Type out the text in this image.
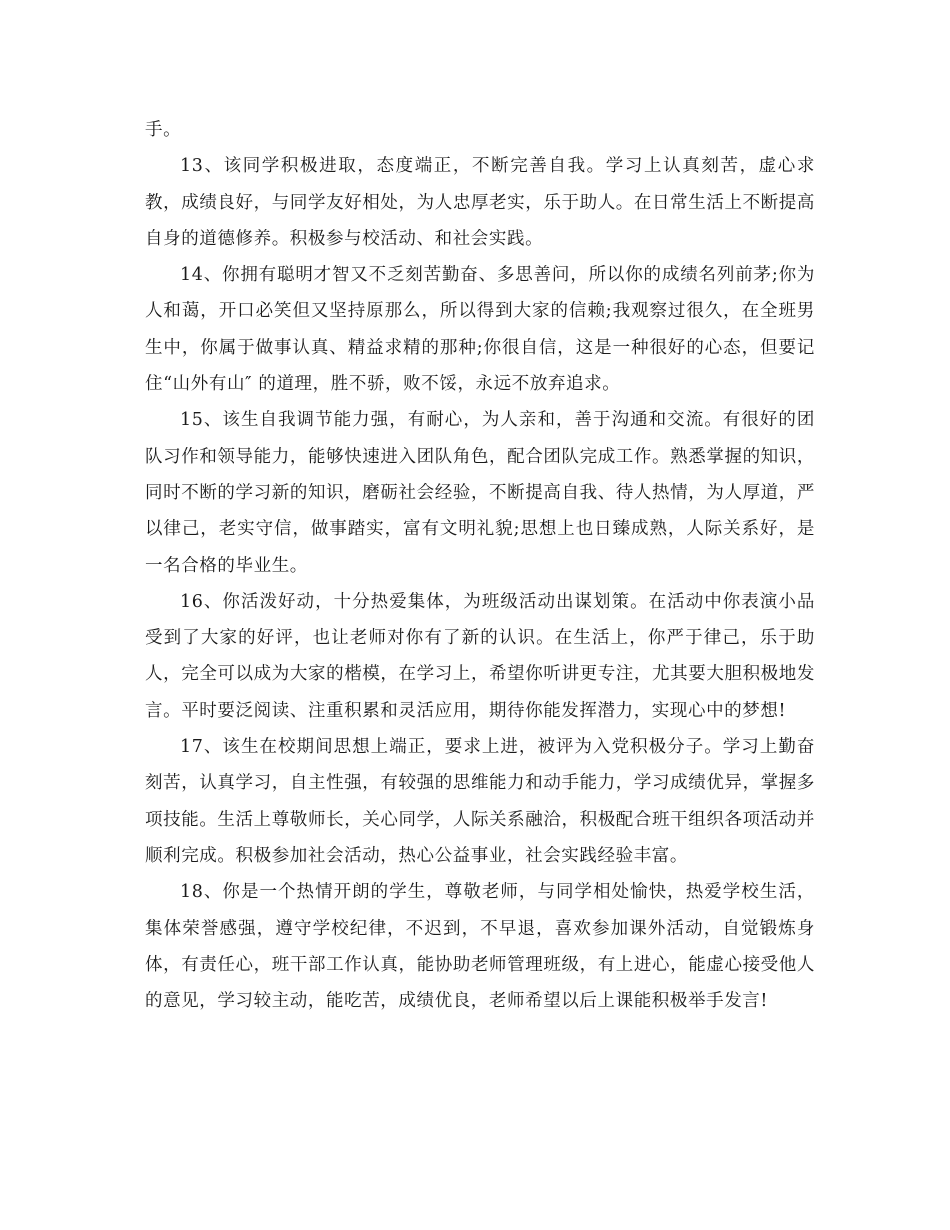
手。

13、该同学积极进取，态度端正，不断完善自我。学习上认真刻苦，虚心求教，成绩良好，与同学友好相处，为人忠厚老实，乐于助人。在日常生活上不断提高自身的道德修养。积极参与校活动、和社会实践。

14、你拥有聪明才智又不乏刻苦勤奋、多思善问，所以你的成绩名列前茅;你为人和蔼，开口必笑但又坚持原那么，所以得到大家的信赖;我观察过很久，在全班男生中，你属于做事认真、精益求精的那种;你很自信，这是一种很好的心态，但要记住“山外有山″ 的道理，胜不骄，败不馁，永远不放弃追求。

15、该生自我调节能力强，有耐心，为人亲和，善于沟通和交流。有很好的团队习作和领导能力，能够快速进入团队角色，配合团队完成工作。熟悉掌握的知识，同时不断的学习新的知识，磨砺社会经验，不断提高自我、待人热情，为人厚道，严以律己，老实守信，做事踏实，富有文明礼貌;思想上也日臻成熟，人际关系好，是一名合格的毕业生。

16、你活泼好动，十分热爱集体，为班级活动出谋划策。在活动中你表演小品受到了大家的好评，也让老师对你有了新的认识。在生活上，你严于律己，乐于助人，完全可以成为大家的楷模，在学习上，希望你听讲更专注，尤其要大胆积极地发言。平时要泛阅读、注重积累和灵活应用，期待你能发挥潜力，实现心中的梦想!

17、该生在校期间思想上端正，要求上进，被评为入党积极分子。学习上勤奋刻苦，认真学习，自主性强，有较强的思维能力和动手能力，学习成绩优异，掌握多项技能。生活上尊敬师长，关心同学，人际关系融洽，积极配合班干组织各项活动并顺利完成。积极参加社会活动，热心公益事业，社会实践经验丰富。

18、你是一个热情开朗的学生，尊敬老师，与同学相处愉快，热爱学校生活，集体荣誉感强，遵守学校纪律，不迟到，不早退，喜欢参加课外活动，自觉锻炼身体，有责任心，班干部工作认真，能协助老师管理班级，有上进心，能虚心接受他人的意见，学习较主动，能吃苦，成绩优良，老师希望以后上课能积极举手发言!
